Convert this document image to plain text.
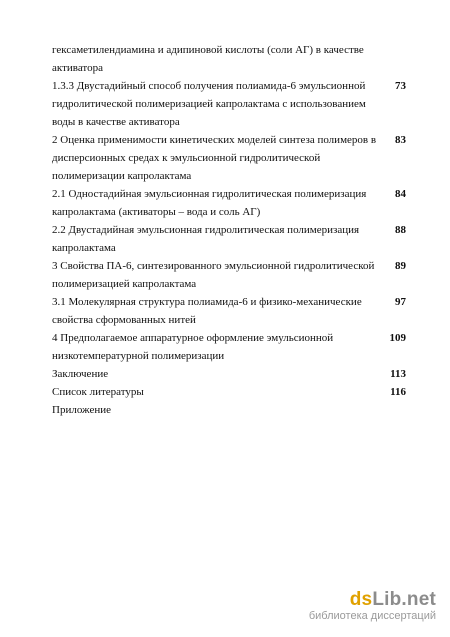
гексаметилендиамина и адипиновой кислоты (соли АГ) в качестве
активатора
1.3.3 Двустадийный способ получения полиамида-6 эмульсионной
гидролитической полимеризацией капролактама с использованием
воды в качестве активатора
73
2 Оценка применимости кинетических моделей синтеза полимеров в
дисперсионных средах к эмульсионной гидролитической
полимеризации капролактама
83
2.1 Одностадийная эмульсионная гидролитическая полимеризация
капролактама (активаторы – вода и соль АГ)
84
2.2 Двустадийная эмульсионная гидролитическая полимеризация
капролактама
88
3 Свойства ПА-6, синтезированного эмульсионной гидролитической
полимеризацией капролактама
89
3.1 Молекулярная структура полиамида-6 и физико-механические
свойства сформованных нитей
97
4 Предполагаемое аппаратурное оформление эмульсионной
низкотемпературной полимеризации
109
Заключение	113
Список литературы	116
Приложение
dsLib.net
библиотека диссертаций
